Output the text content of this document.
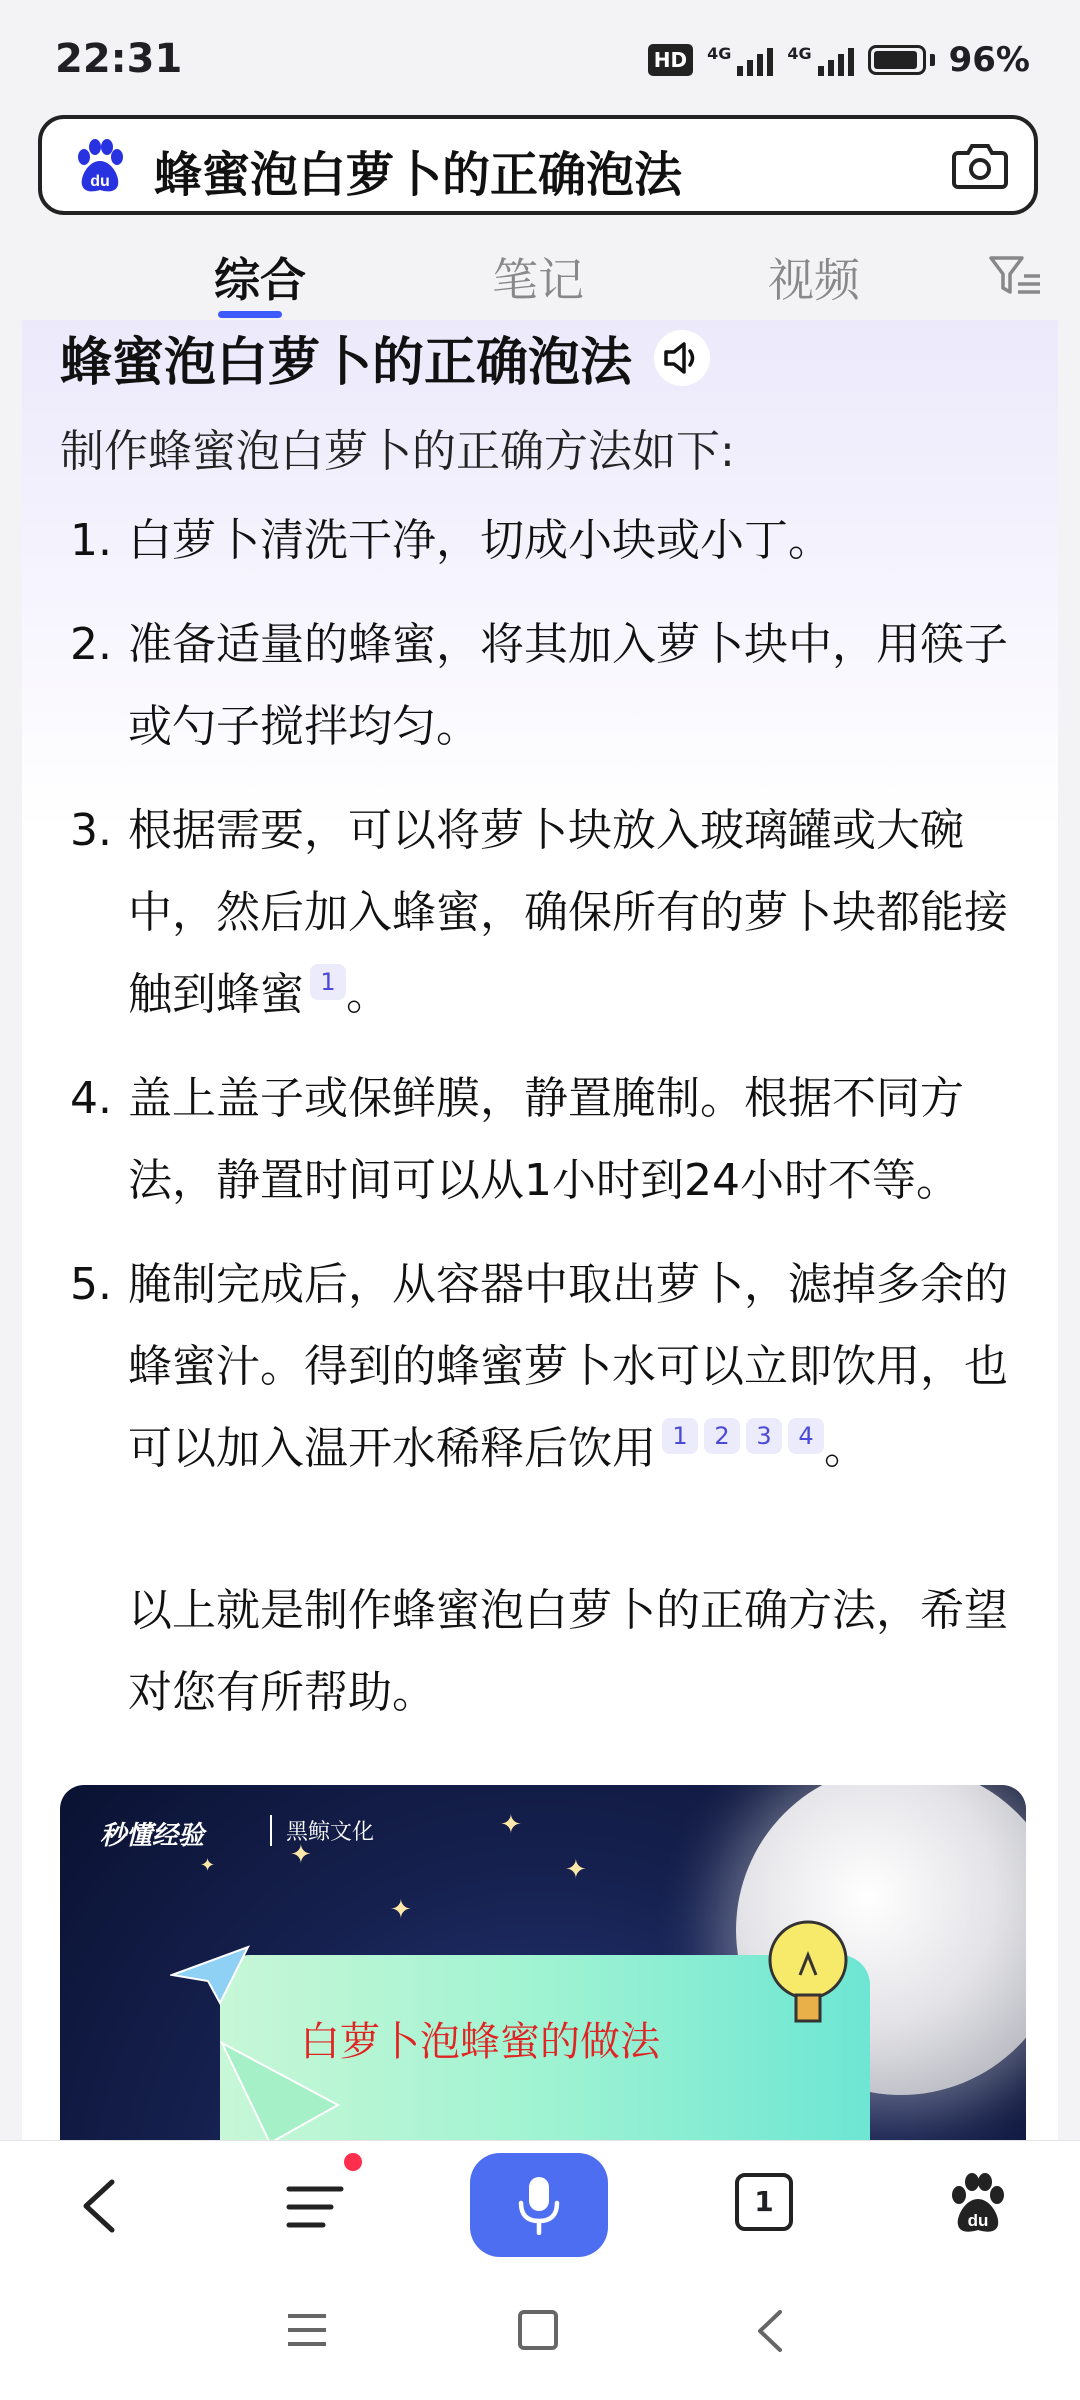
22:31	HD	4G	4G	96%
du 蜂蜜泡白萝卜的正确泡法
综合	笔记	视频
蜂蜜泡白萝卜的正确泡法
制作蜂蜜泡白萝卜的正确方法如下:
1. 白萝卜清洗干净，切成小块或小丁。
2. 准备适量的蜂蜜，将其加入萝卜块中，用筷子或勺子搅拌均匀。
3. 根据需要，可以将萝卜块放入玻璃罐或大碗中，然后加入蜂蜜，确保所有的萝卜块都能接触到蜂蜜 1 。
4. 盖上盖子或保鲜膜，静置腌制。根据不同方法，静置时间可以从1小时到24小时不等。
5. 腌制完成后，从容器中取出萝卜，滤掉多余的蜂蜜汁。得到的蜂蜜萝卜水可以立即饮用，也可以加入温开水稀释后饮用 1 2 3 4 。
以上就是制作蜂蜜泡白萝卜的正确方法，希望对您有所帮助。
秒懂经验	黑鲸文化
✦
✦
✦
✦
✦
白萝卜泡蜂蜜的做法
1
du
